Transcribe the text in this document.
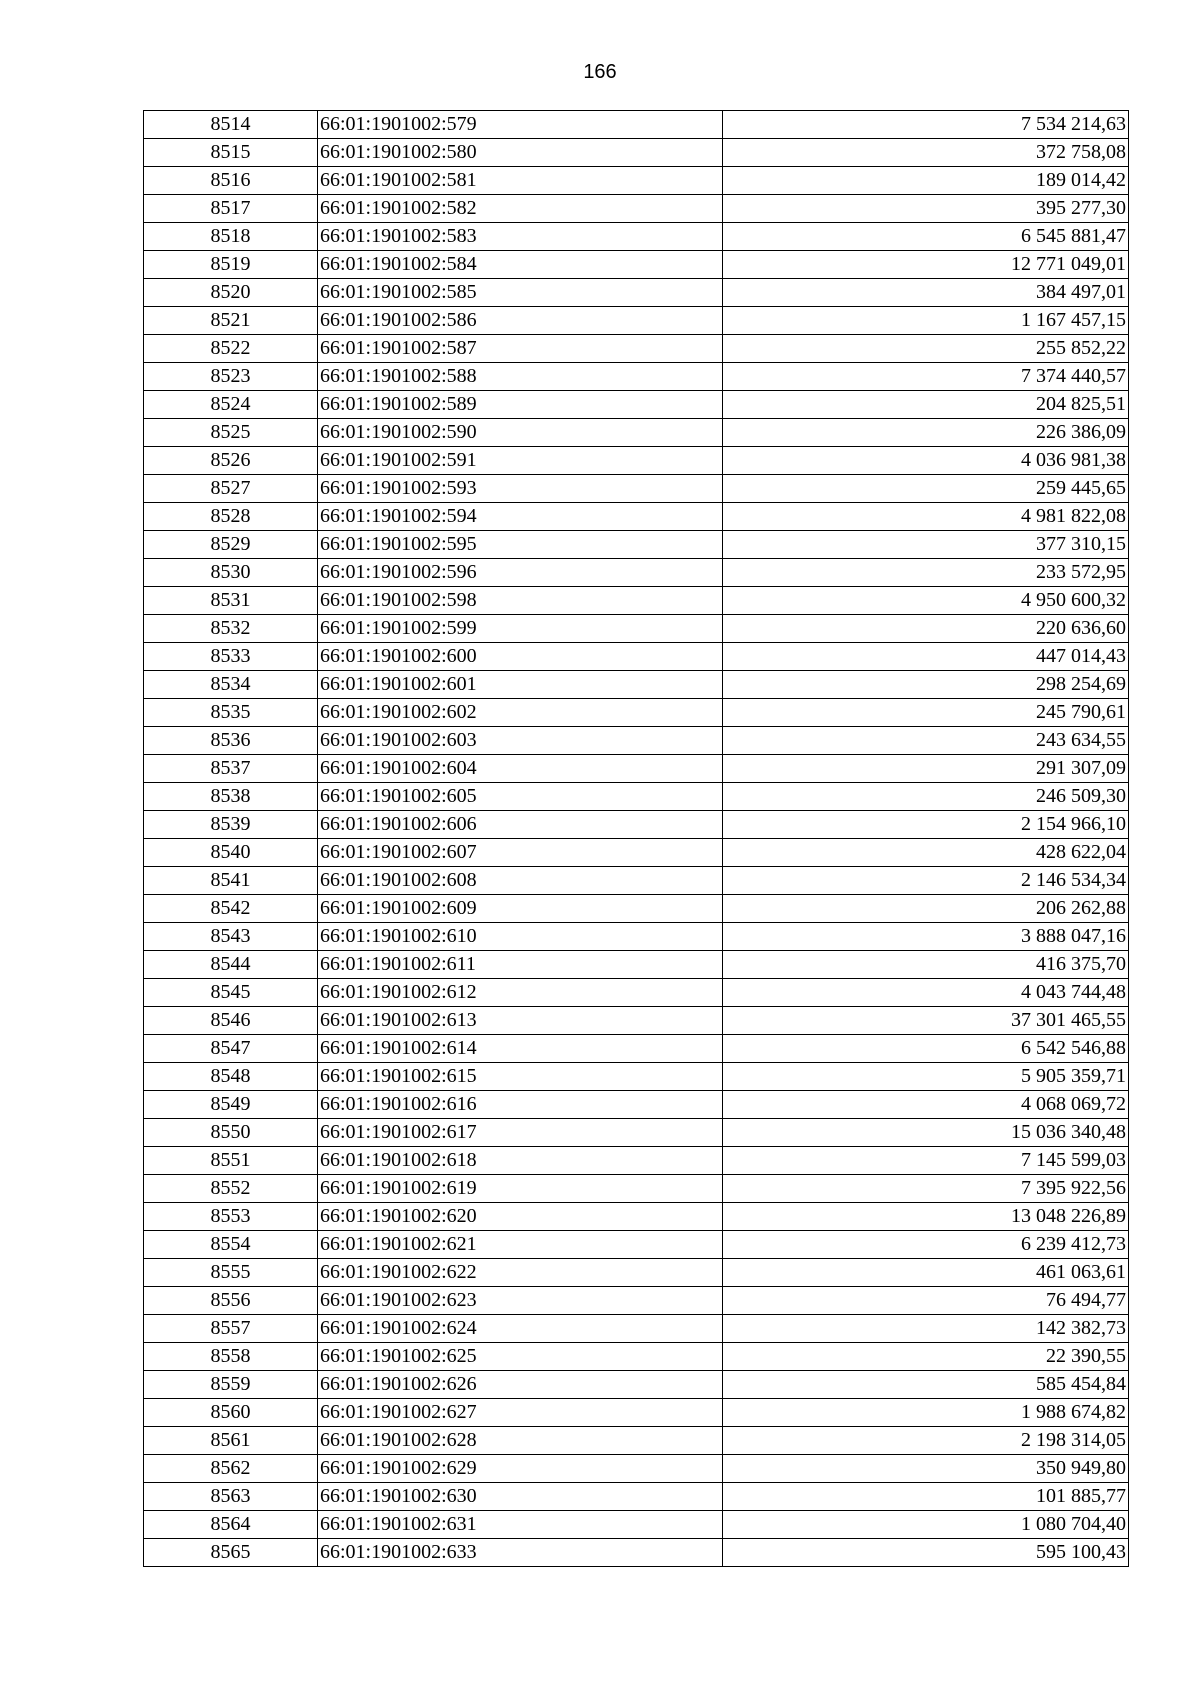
166
8514	66:01:1901002:579	7 534 214,63
8515	66:01:1901002:580	372 758,08
8516	66:01:1901002:581	189 014,42
8517	66:01:1901002:582	395 277,30
8518	66:01:1901002:583	6 545 881,47
8519	66:01:1901002:584	12 771 049,01
8520	66:01:1901002:585	384 497,01
8521	66:01:1901002:586	1 167 457,15
8522	66:01:1901002:587	255 852,22
8523	66:01:1901002:588	7 374 440,57
8524	66:01:1901002:589	204 825,51
8525	66:01:1901002:590	226 386,09
8526	66:01:1901002:591	4 036 981,38
8527	66:01:1901002:593	259 445,65
8528	66:01:1901002:594	4 981 822,08
8529	66:01:1901002:595	377 310,15
8530	66:01:1901002:596	233 572,95
8531	66:01:1901002:598	4 950 600,32
8532	66:01:1901002:599	220 636,60
8533	66:01:1901002:600	447 014,43
8534	66:01:1901002:601	298 254,69
8535	66:01:1901002:602	245 790,61
8536	66:01:1901002:603	243 634,55
8537	66:01:1901002:604	291 307,09
8538	66:01:1901002:605	246 509,30
8539	66:01:1901002:606	2 154 966,10
8540	66:01:1901002:607	428 622,04
8541	66:01:1901002:608	2 146 534,34
8542	66:01:1901002:609	206 262,88
8543	66:01:1901002:610	3 888 047,16
8544	66:01:1901002:611	416 375,70
8545	66:01:1901002:612	4 043 744,48
8546	66:01:1901002:613	37 301 465,55
8547	66:01:1901002:614	6 542 546,88
8548	66:01:1901002:615	5 905 359,71
8549	66:01:1901002:616	4 068 069,72
8550	66:01:1901002:617	15 036 340,48
8551	66:01:1901002:618	7 145 599,03
8552	66:01:1901002:619	7 395 922,56
8553	66:01:1901002:620	13 048 226,89
8554	66:01:1901002:621	6 239 412,73
8555	66:01:1901002:622	461 063,61
8556	66:01:1901002:623	76 494,77
8557	66:01:1901002:624	142 382,73
8558	66:01:1901002:625	22 390,55
8559	66:01:1901002:626	585 454,84
8560	66:01:1901002:627	1 988 674,82
8561	66:01:1901002:628	2 198 314,05
8562	66:01:1901002:629	350 949,80
8563	66:01:1901002:630	101 885,77
8564	66:01:1901002:631	1 080 704,40
8565	66:01:1901002:633	595 100,43
